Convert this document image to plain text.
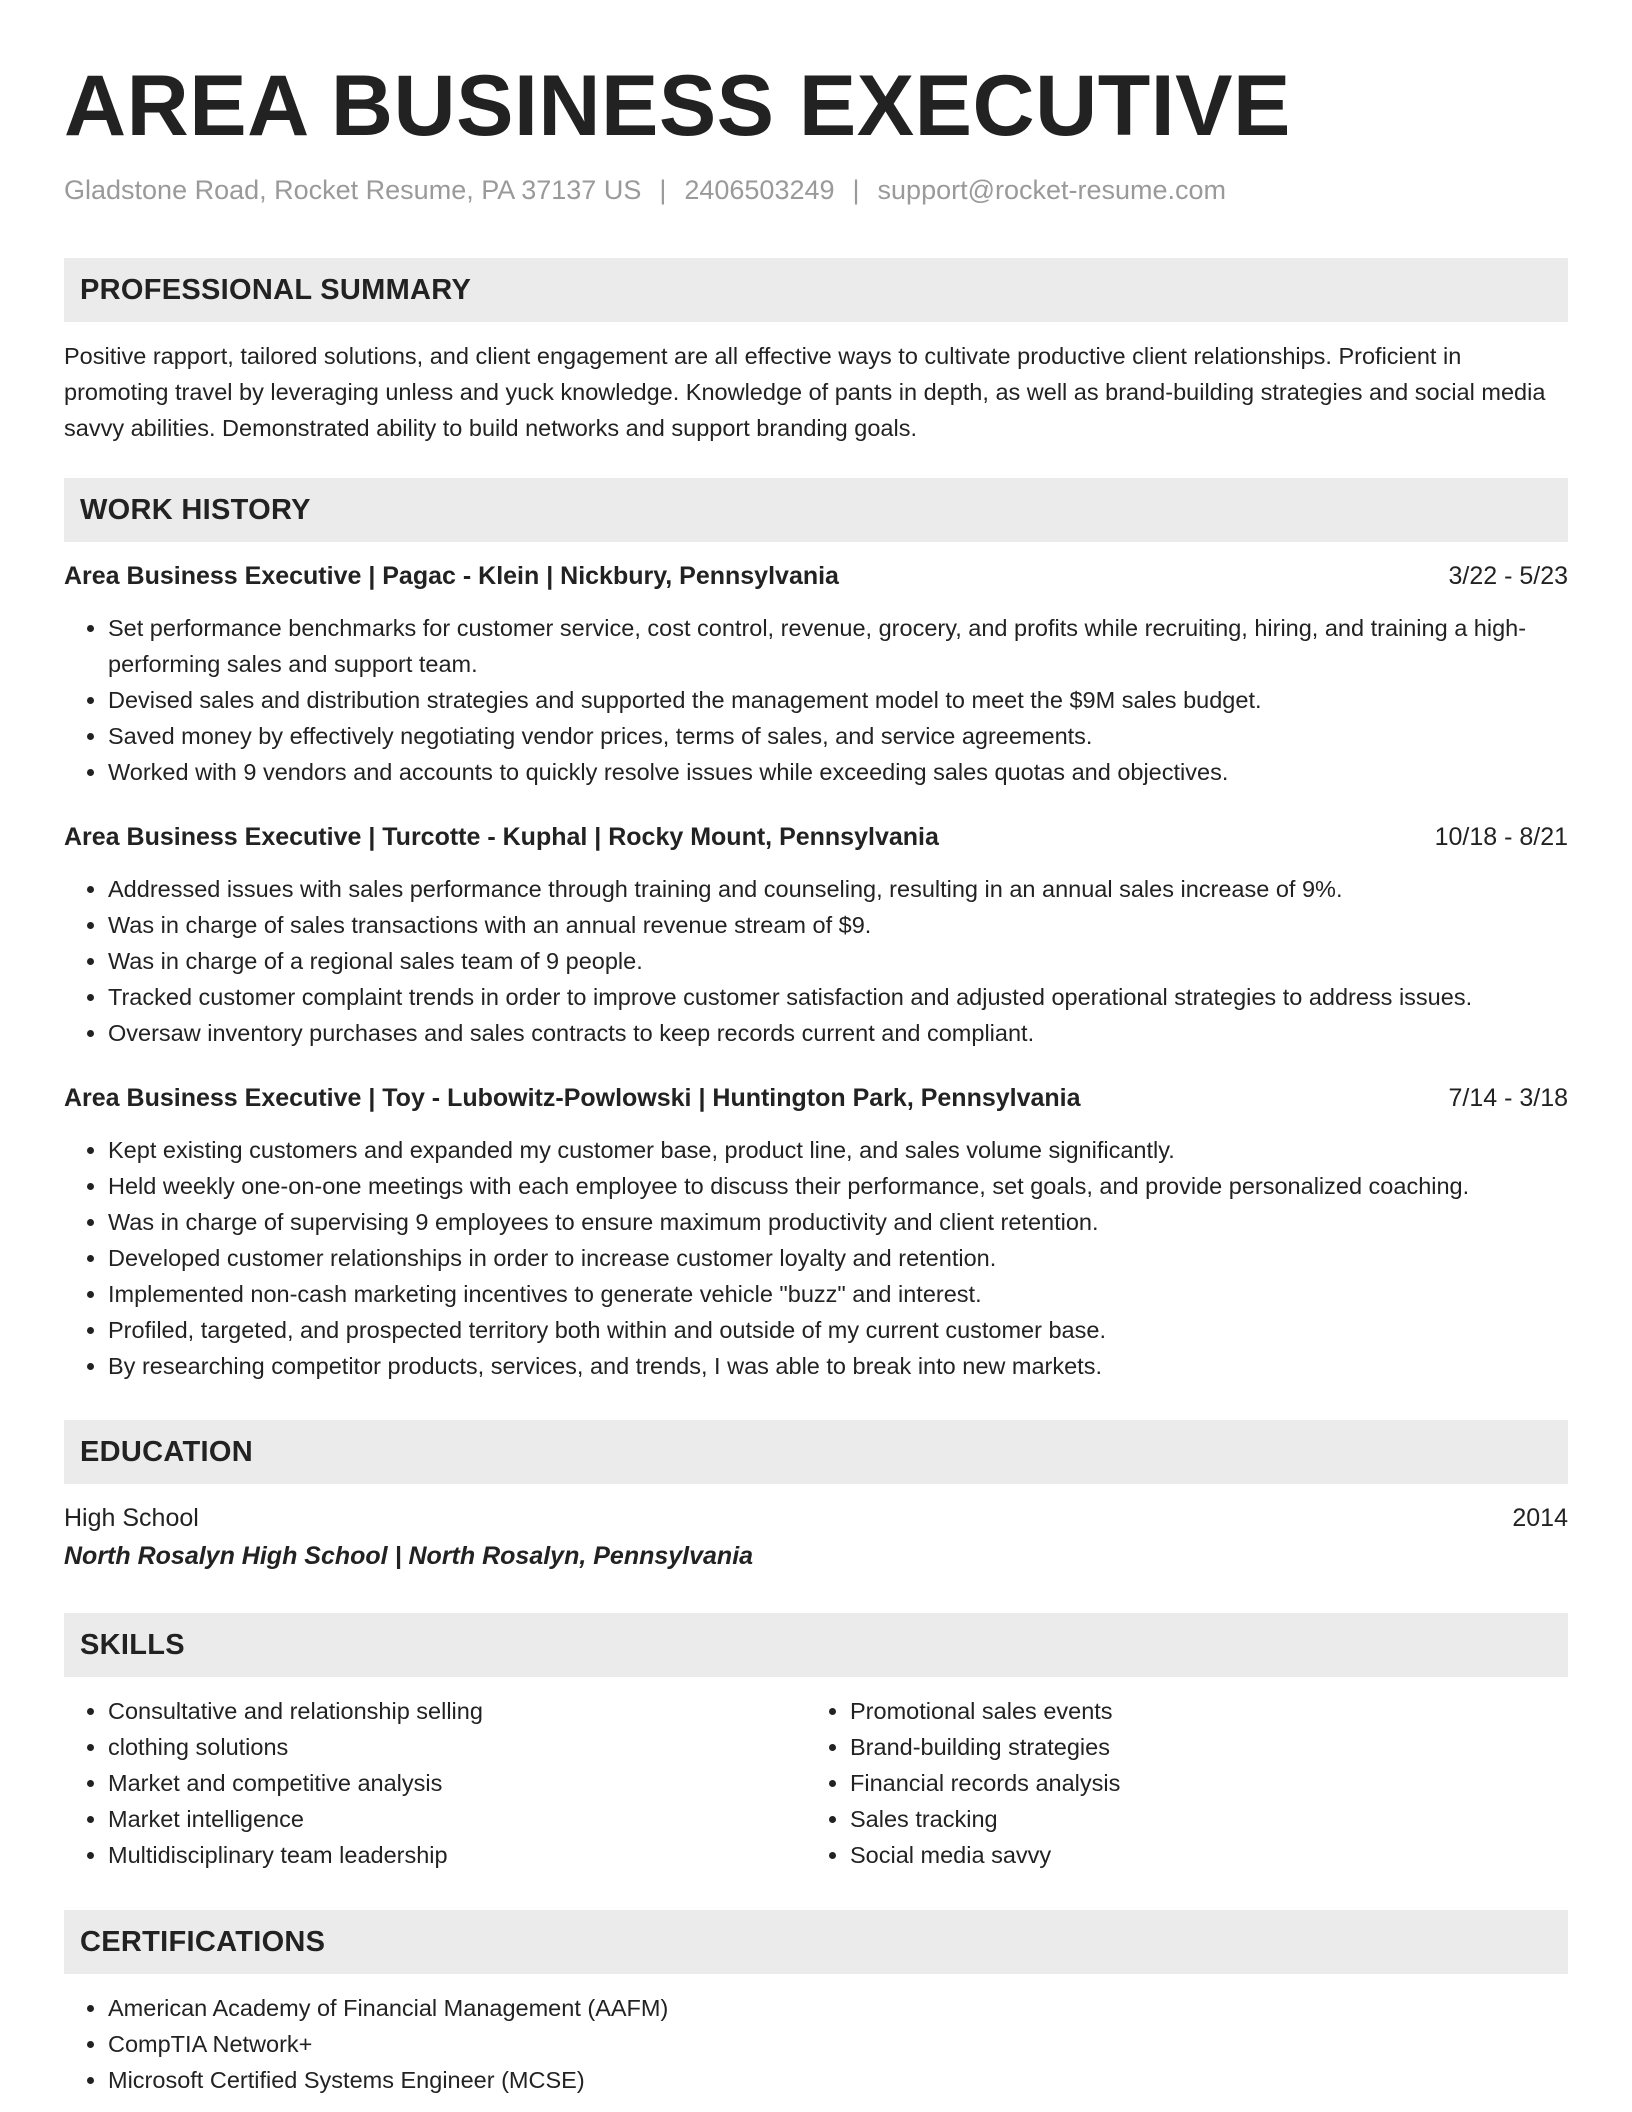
AREA BUSINESS EXECUTIVE
Gladstone Road, Rocket Resume, PA 37137 US | 2406503249 | support@rocket-resume.com
PROFESSIONAL SUMMARY
Positive rapport, tailored solutions, and client engagement are all effective ways to cultivate productive client relationships. Proficient in promoting travel by leveraging unless and yuck knowledge. Knowledge of pants in depth, as well as brand-building strategies and social media savvy abilities. Demonstrated ability to build networks and support branding goals.
WORK HISTORY
Area Business Executive | Pagac - Klein | Nickbury, Pennsylvania	3/22 - 5/23
• Set performance benchmarks for customer service, cost control, revenue, grocery, and profits while recruiting, hiring, and training a high-performing sales and support team.
• Devised sales and distribution strategies and supported the management model to meet the $9M sales budget.
• Saved money by effectively negotiating vendor prices, terms of sales, and service agreements.
• Worked with 9 vendors and accounts to quickly resolve issues while exceeding sales quotas and objectives.
Area Business Executive | Turcotte - Kuphal | Rocky Mount, Pennsylvania	10/18 - 8/21
• Addressed issues with sales performance through training and counseling, resulting in an annual sales increase of 9%.
• Was in charge of sales transactions with an annual revenue stream of $9.
• Was in charge of a regional sales team of 9 people.
• Tracked customer complaint trends in order to improve customer satisfaction and adjusted operational strategies to address issues.
• Oversaw inventory purchases and sales contracts to keep records current and compliant.
Area Business Executive | Toy - Lubowitz-Powlowski | Huntington Park, Pennsylvania	7/14 - 3/18
• Kept existing customers and expanded my customer base, product line, and sales volume significantly.
• Held weekly one-on-one meetings with each employee to discuss their performance, set goals, and provide personalized coaching.
• Was in charge of supervising 9 employees to ensure maximum productivity and client retention.
• Developed customer relationships in order to increase customer loyalty and retention.
• Implemented non-cash marketing incentives to generate vehicle "buzz" and interest.
• Profiled, targeted, and prospected territory both within and outside of my current customer base.
• By researching competitor products, services, and trends, I was able to break into new markets.
EDUCATION
High School	2014
North Rosalyn High School | North Rosalyn, Pennsylvania
SKILLS
• Consultative and relationship selling
• clothing solutions
• Market and competitive analysis
• Market intelligence
• Multidisciplinary team leadership
• Promotional sales events
• Brand-building strategies
• Financial records analysis
• Sales tracking
• Social media savvy
CERTIFICATIONS
• American Academy of Financial Management (AAFM)
• CompTIA Network+
• Microsoft Certified Systems Engineer (MCSE)
